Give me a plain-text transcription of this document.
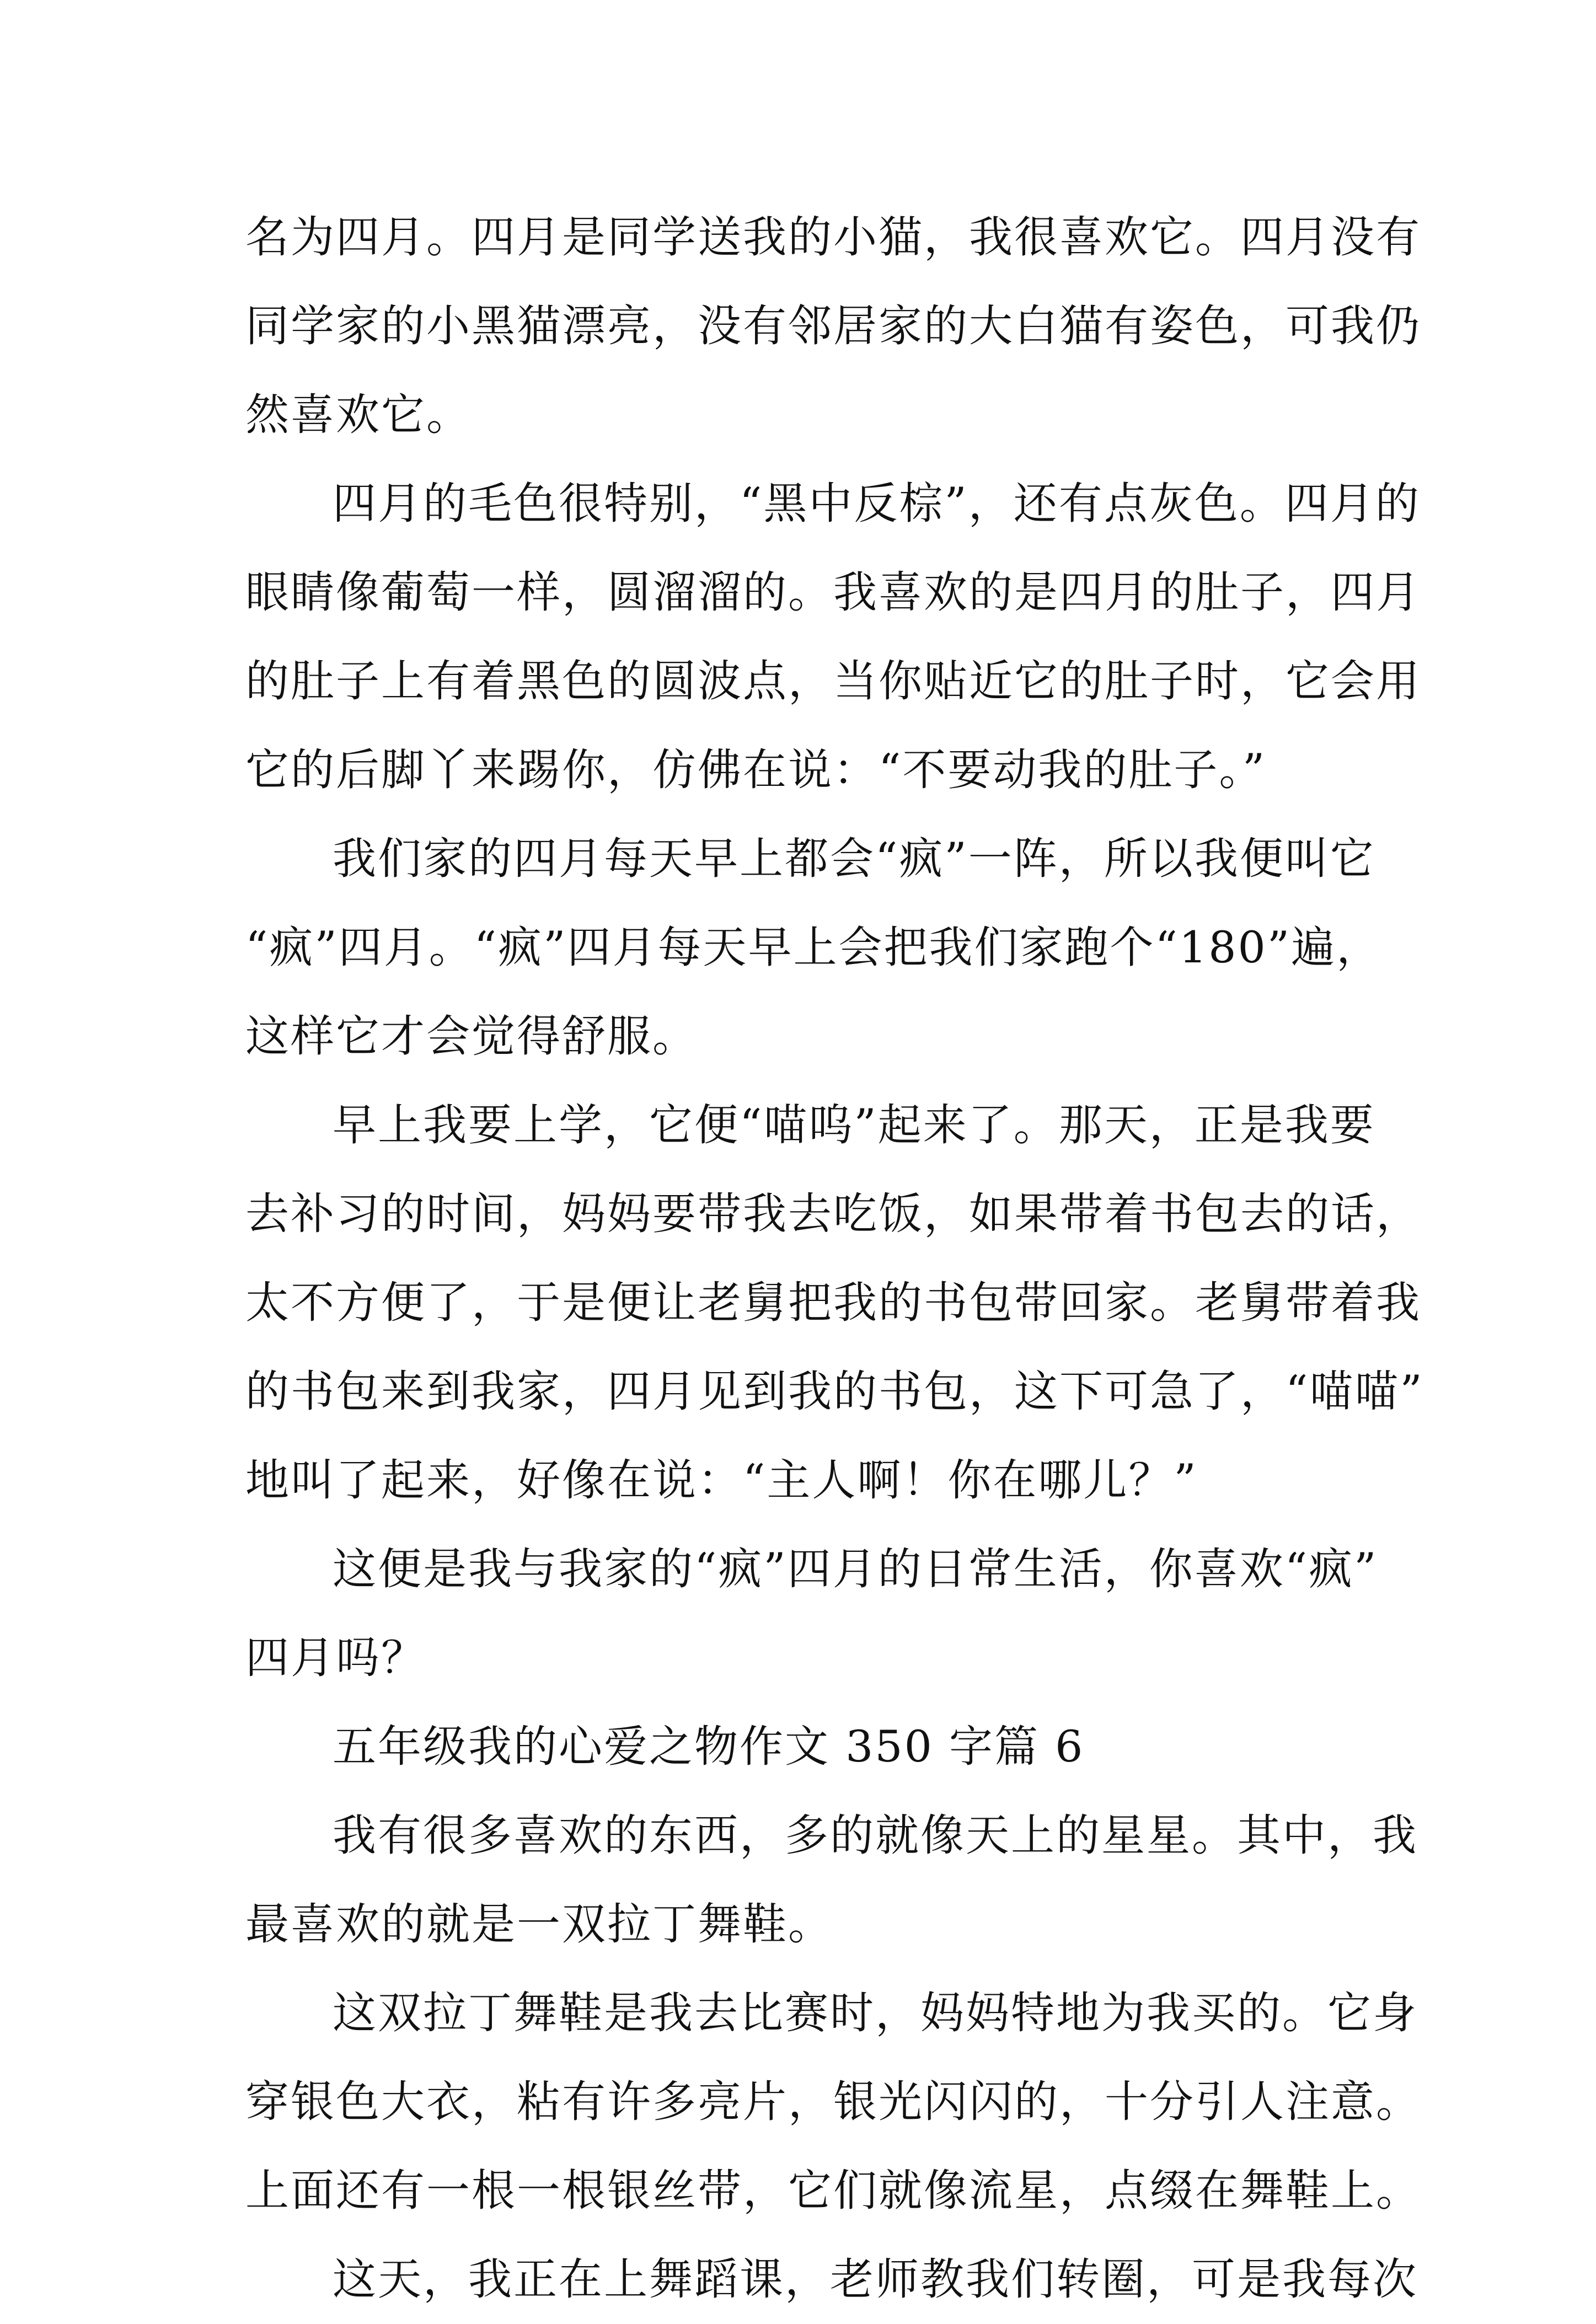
名为四月。四月是同学送我的小猫，我很喜欢它。四月没有
同学家的小黑猫漂亮，没有邻居家的大白猫有姿色，可我仍
然喜欢它。
四月的毛色很特别，“黑中反棕”，还有点灰色。四月的
眼睛像葡萄一样，圆溜溜的。我喜欢的是四月的肚子，四月
的肚子上有着黑色的圆波点，当你贴近它的肚子时，它会用
它的后脚丫来踢你，仿佛在说：“不要动我的肚子。”
我们家的四月每天早上都会“疯”一阵，所以我便叫它
“疯”四月。“疯”四月每天早上会把我们家跑个“180”遍，
这样它才会觉得舒服。
早上我要上学，它便“喵呜”起来了。那天，正是我要
去补习的时间，妈妈要带我去吃饭，如果带着书包去的话，
太不方便了，于是便让老舅把我的书包带回家。老舅带着我
的书包来到我家，四月见到我的书包，这下可急了，“喵喵”
地叫了起来，好像在说：“主人啊！你在哪儿？”
这便是我与我家的“疯”四月的日常生活，你喜欢“疯”
四月吗？
五年级我的心爱之物作文 350 字篇 6
我有很多喜欢的东西，多的就像天上的星星。其中，我
最喜欢的就是一双拉丁舞鞋。
这双拉丁舞鞋是我去比赛时，妈妈特地为我买的。它身
穿银色大衣，粘有许多亮片，银光闪闪的，十分引人注意。
上面还有一根一根银丝带，它们就像流星，点缀在舞鞋上。
这天，我正在上舞蹈课，老师教我们转圈，可是我每次
